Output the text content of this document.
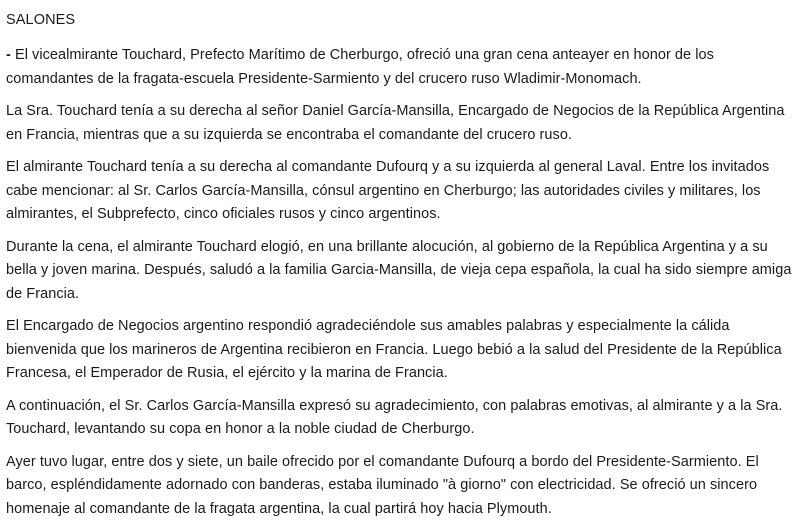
SALONES

- El vicealmirante Touchard, Prefecto Marítimo de Cherburgo, ofreció una gran cena anteayer en honor de los comandantes de la fragata-escuela Presidente-Sarmiento y del crucero ruso Wladimir-Monomach.

La Sra. Touchard tenía a su derecha al señor Daniel García-Mansilla, Encargado de Negocios de la República Argentina en Francia, mientras que a su izquierda se encontraba el comandante del crucero ruso.

El almirante Touchard tenía a su derecha al comandante Dufourq y a su izquierda al general Laval. Entre los invitados cabe mencionar: al Sr. Carlos García-Mansilla, cónsul argentino en Cherburgo; las autoridades civiles y militares, los almirantes, el Subprefecto, cinco oficiales rusos y cinco argentinos.

Durante la cena, el almirante Touchard elogió, en una brillante alocución, al gobierno de la República Argentina y a su bella y joven marina. Después, saludó a la familia Garcia-Mansilla, de vieja cepa española, la cual ha sido siempre amiga de Francia.

El Encargado de Negocios argentino respondió agradeciéndole sus amables palabras y especialmente la cálida bienvenida que los marineros de Argentina recibieron en Francia. Luego bebió a la salud del Presidente de la República Francesa, el Emperador de Rusia, el ejército y la marina de Francia.

A continuación, el Sr. Carlos García-Mansilla expresó su agradecimiento, con palabras emotivas, al almirante y a la Sra. Touchard, levantando su copa en honor a la noble ciudad de Cherburgo.

Ayer tuvo lugar, entre dos y siete, un baile ofrecido por el comandante Dufourq a bordo del Presidente-Sarmiento. El barco, espléndidamente adornado con banderas, estaba iluminado "à giorno" con electricidad. Se ofreció un sincero homenaje al comandante de la fragata argentina, la cual partirá hoy hacia Plymouth.
